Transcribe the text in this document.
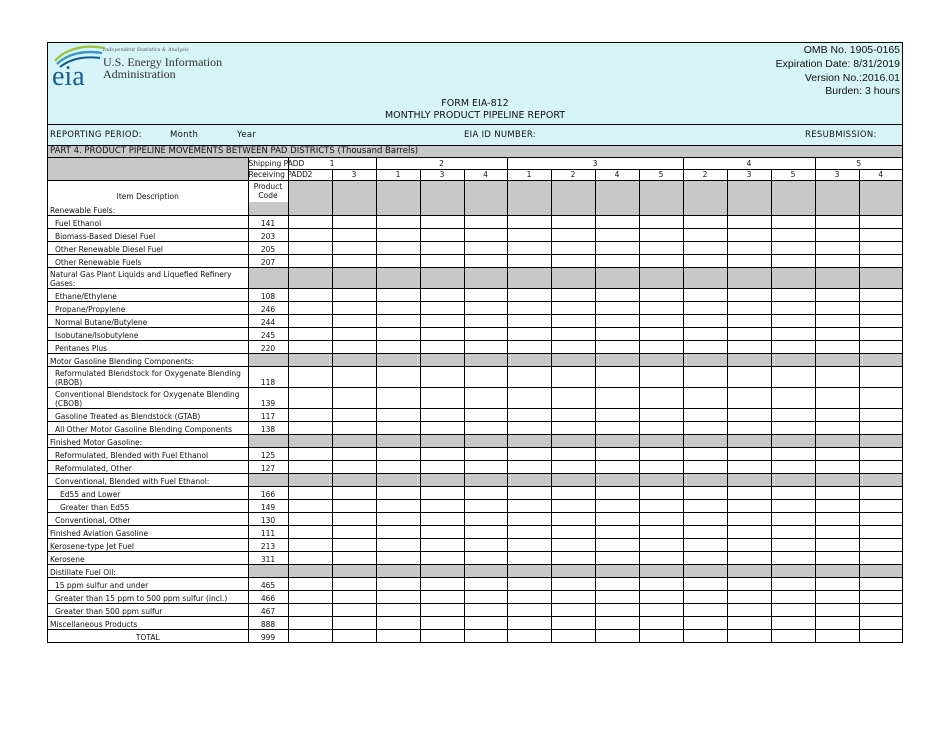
eia
Independent Statistics & Analysis
U.S. Energy Information
Administration
OMB No. 1905-0165
Expiration Date: 8/31/2019
Version No.:2016.01
Burden: 3 hours
FORM EIA-812
MONTHLY PRODUCT PIPELINE REPORT
REPORTING PERIOD:	Month	Year	EIA ID NUMBER:	RESUBMISSION:
PART 4. PRODUCT PIPELINE MOVEMENTS BETWEEN PAD DISTRICTS (Thousand Barrels)
	Shipping PADD	1		2			3				4			5	
	Receiving PADD	2	3	1	3	4	1	2	4	5	2	3	5	3	4
Item Description	Product Code														
Renewable Fuels:															
Fuel Ethanol	141														
Biomass-Based Diesel Fuel	203														
Other Renewable Diesel Fuel	205														
Other Renewable Fuels	207														
Natural Gas Plant Liquids and Liquefied Refinery Gases:															
Ethane/Ethylene	108														
Propane/Propylene	246														
Normal Butane/Butylene	244														
Isobutane/Isobutylene	245														
Pentanes Plus	220														
Motor Gasoline Blending Components:															
Reformulated Blendstock for Oxygenate Blending (RBOB)	118														
Conventional Blendstock for Oxygenate Blending (CBOB)	139														
Gasoline Treated as Blendstock (GTAB)	117														
All Other Motor Gasoline Blending Components	138														
Finished Motor Gasoline:															
Reformulated, Blended with Fuel Ethanol	125														
Reformulated, Other	127														
Conventional, Blended with Fuel Ethanol:															
Ed55 and Lower	166														
Greater than Ed55	149														
Conventional, Other	130														
Finished Aviation Gasoline	111														
Kerosene-type Jet Fuel	213														
Kerosene	311														
Distillate Fuel Oil:															
15 ppm sulfur and under	465														
Greater than 15 ppm to 500 ppm sulfur (incl.)	466														
Greater than 500 ppm sulfur	467														
Miscellaneous Products	888														
TOTAL	999														
